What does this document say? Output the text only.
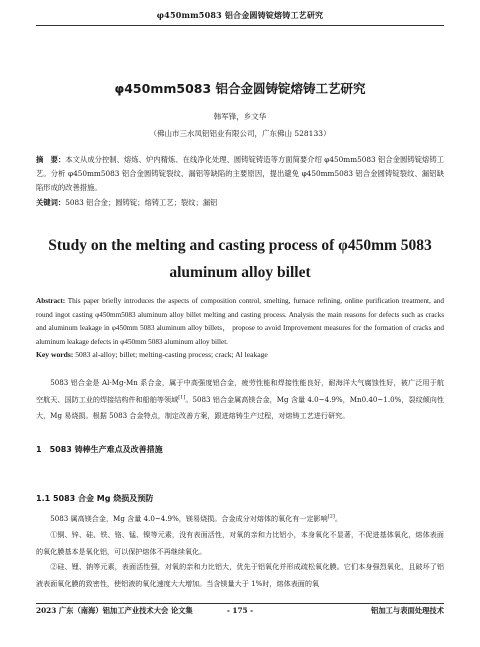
φ450mm5083 铝合金圆铸锭熔铸工艺研究
φ450mm5083 铝合金圆铸锭熔铸工艺研究
韩军锋，乡文华
（佛山市三水凤铝铝业有限公司，广东佛山 528133）
摘　要：本文从成分控制、熔炼、炉内精炼、在线净化处理、圆铸锭铸造等方面简要介绍 φ450mm5083 铝合金圆铸锭熔铸工艺。分析 φ450mm5083 铝合金圆铸锭裂纹、漏铝等缺陷的主要原因，提出避免 φ450mm5083 铝合金圆铸锭裂纹、漏铝缺陷形成的改善措施。
关键词：5083 铝合金；圆铸锭；熔铸工艺；裂纹；漏铝
Study on the melting and casting process of φ450mm 5083 aluminum alloy billet
Abstract: This paper briefly introduces the aspects of composition control, smelting, furnace refining, online purification treatment, and round ingot casting φ450mm5083 aluminum alloy billet melting and casting process. Analysis the main reasons for defects such as cracks and aluminum leakage in φ450mm 5083 aluminum alloy billets， propose to avoid Improvement measures for the formation of cracks and aluminum leakage defects in φ450mm 5083 aluminum alloy billet.
Key words: 5083 al-alloy; billet; melting-casting process; crack; Al leakage
5083 铝合金是 Al-Mg-Mn 系合金，属于中高强度铝合金，疲劳性能和焊接性能良好，耐海洋大气腐蚀性好，被广泛用于航空航天、国防工业的焊接结构件和船舶等领域[1]。5083 铝合金属高镁合金，Mg 含量 4.0~4.9%，Mn0.40~1.0%，裂纹倾向性大，Mg 易烧损。根据 5083 合金特点，制定改善方案，跟进熔铸生产过程，对熔铸工艺进行研究。
1　5083 铸棒生产难点及改善措施
1.1 5083 合金 Mg 烧损及预防
5083 属高镁合金，Mg 含量 4.0~4.9%，镁易烧损。合金成分对熔体的氧化有一定影响[2]。
①铜、锌、硅、铁、铬、锰、镍等元素，没有表面活性，对氧的亲和力比铝小，本身氧化不显著，不促进基体氧化，熔体表面的氧化膜基本是氧化铝，可以保护熔体不再继续氧化。
②硅、锂、钠等元素，表面活性强，对氧的亲和力比铝大，优先于铝氧化并形成疏松氧化膜。它们本身强烈氧化，且破坏了铝液表面氧化膜的致密性，使铝液的氧化速度大大增加。当含镁量大于 1%时，熔体表面的氧
2023 广东（南海）铝加工产业技术大会 论文集	- 175 -	铝加工与表面处理技术
